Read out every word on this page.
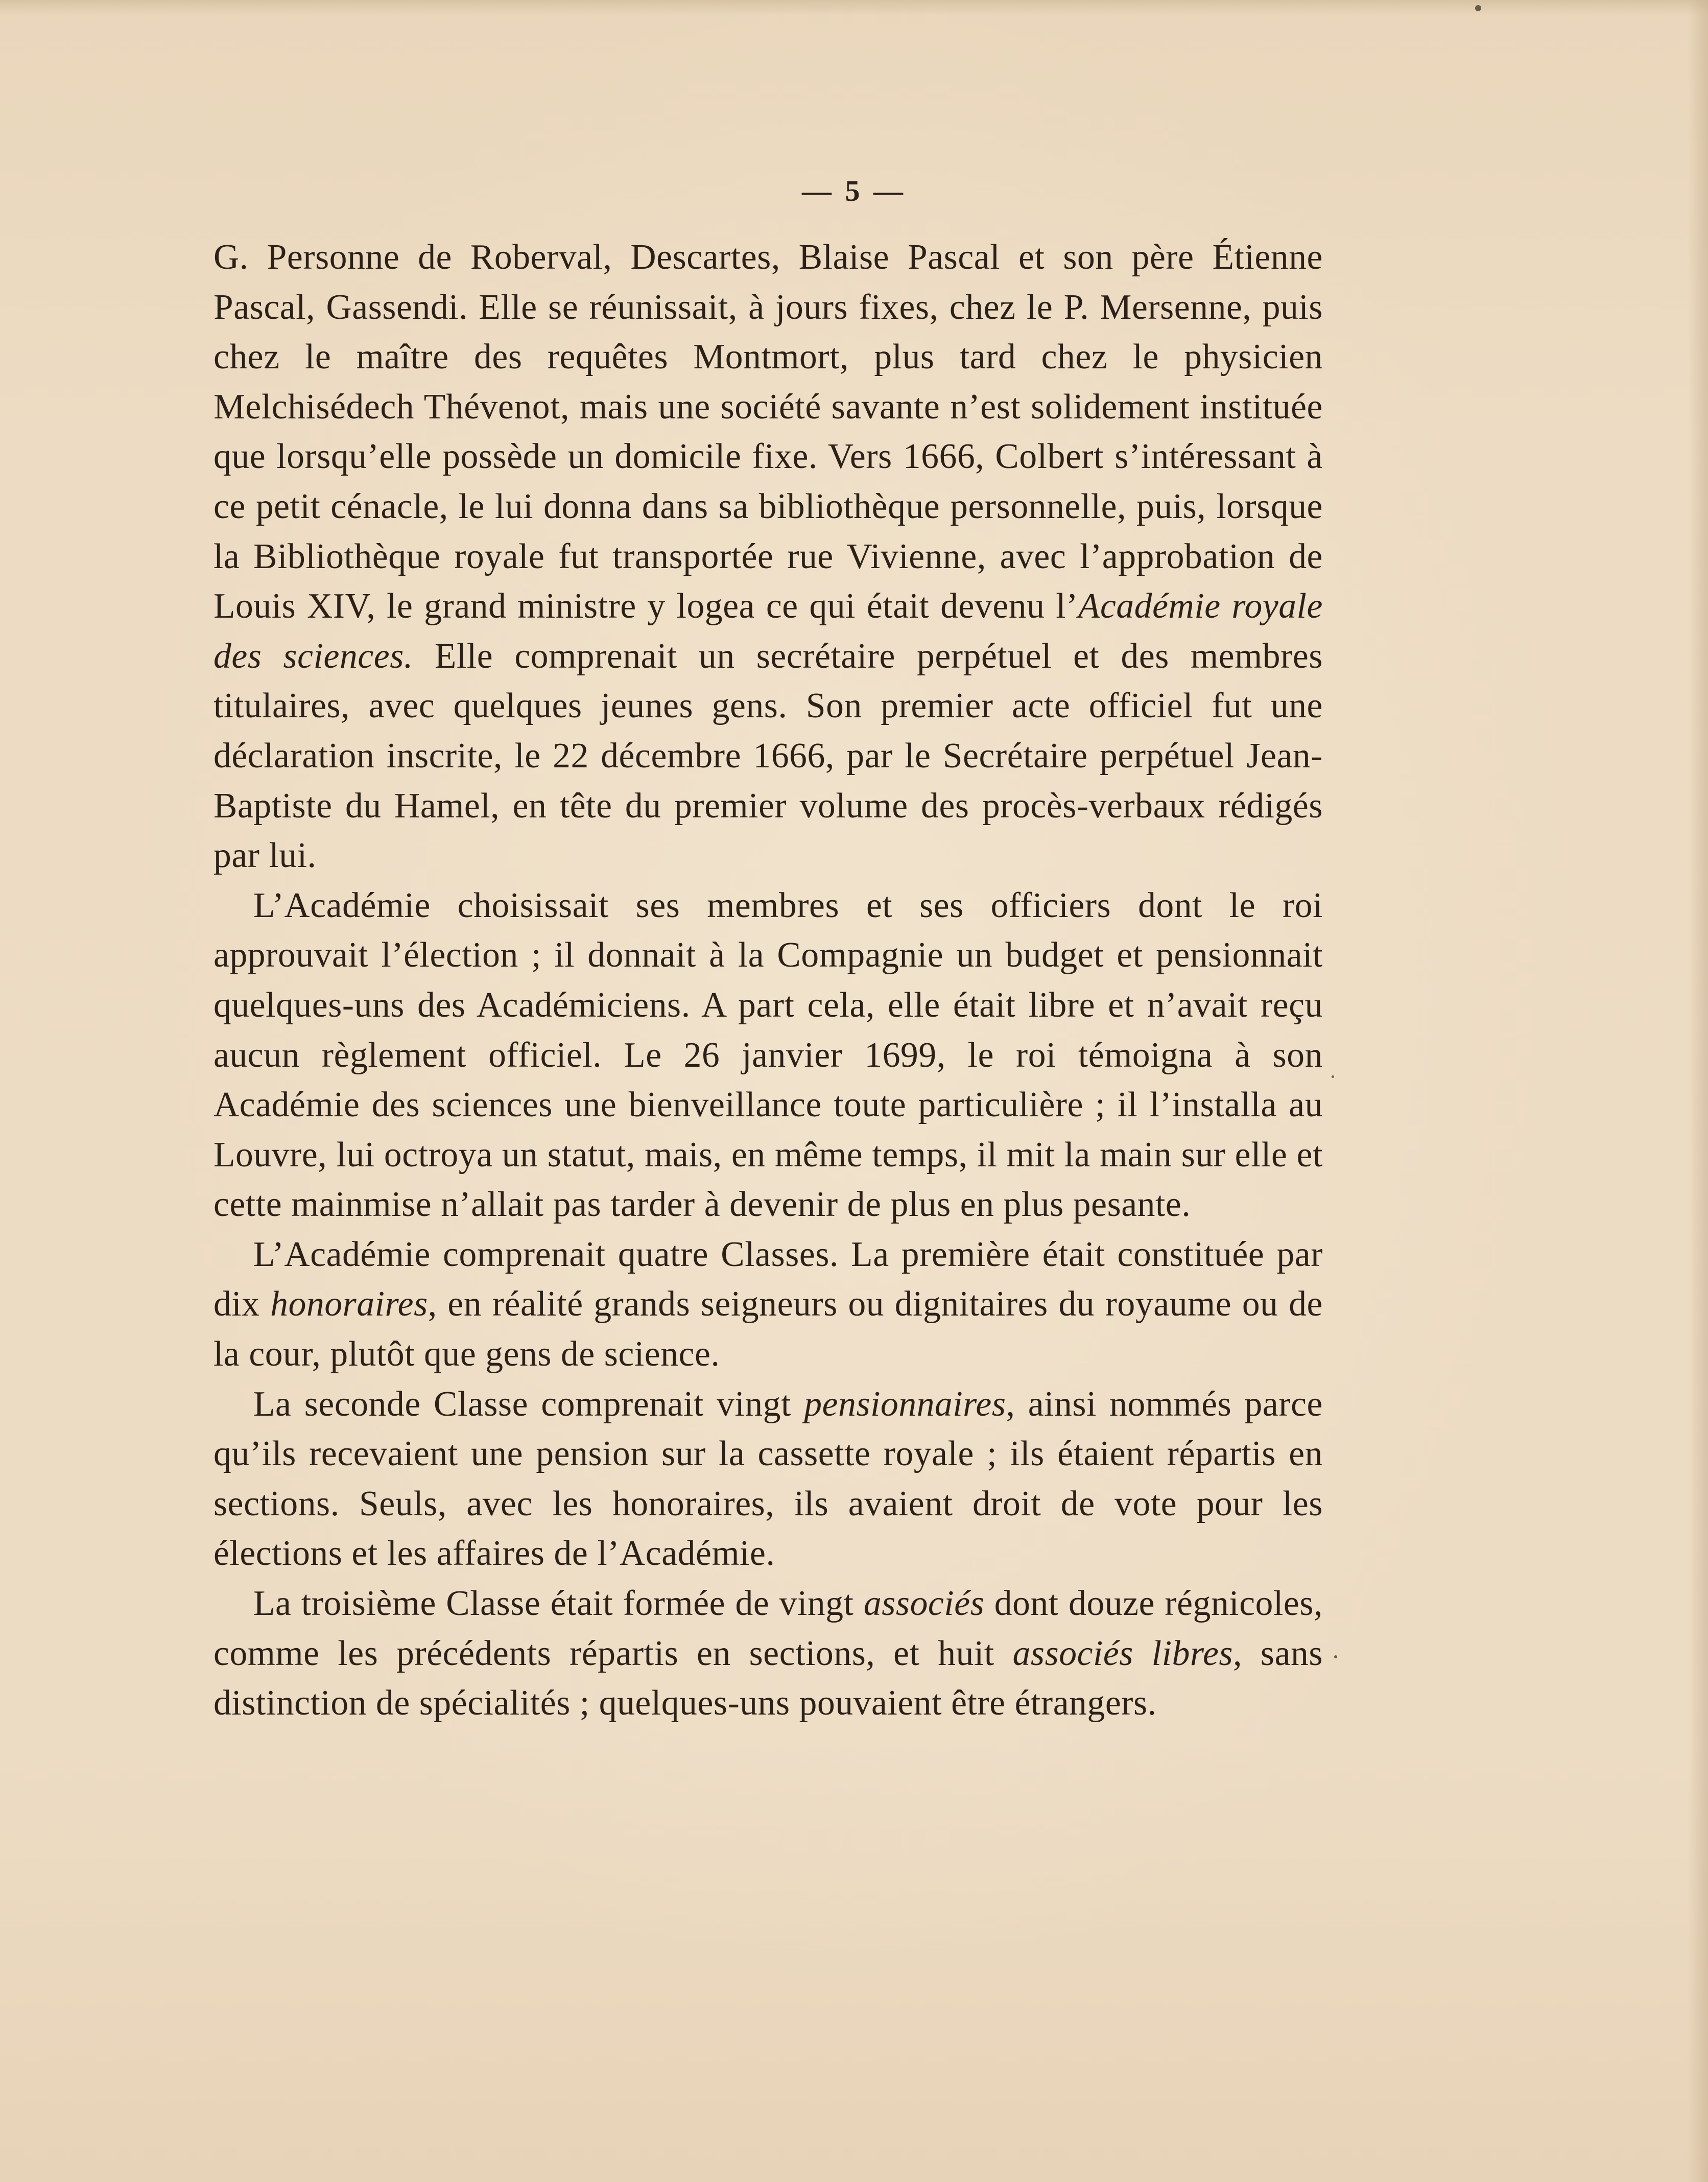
— 5 —

G. Personne de Roberval, Descartes, Blaise Pascal et son père Étienne Pascal, Gassendi. Elle se réunissait, à jours fixes, chez le P. Mersenne, puis chez le maître des requêtes Montmort, plus tard chez le physicien Melchisédech Thévenot, mais une société savante n’est solidement instituée que lorsqu’elle possède un domicile fixe. Vers 1666, Colbert s’intéressant à ce petit cénacle, le lui donna dans sa bibliothèque personnelle, puis, lorsque la Bibliothèque royale fut transportée rue Vivienne, avec l’approbation de Louis XIV, le grand ministre y logea ce qui était devenu l’Académie royale des sciences. Elle comprenait un secrétaire perpétuel et des membres titulaires, avec quelques jeunes gens. Son premier acte officiel fut une déclaration inscrite, le 22 décembre 1666, par le Secrétaire perpétuel Jean-Baptiste du Hamel, en tête du premier volume des procès-verbaux rédigés par lui.

L’Académie choisissait ses membres et ses officiers dont le roi approuvait l’élection ; il donnait à la Compagnie un budget et pensionnait quelques-uns des Académiciens. A part cela, elle était libre et n’avait reçu aucun règlement officiel. Le 26 janvier 1699, le roi témoigna à son Académie des sciences une bienveillance toute particulière ; il l’installa au Louvre, lui octroya un statut, mais, en même temps, il mit la main sur elle et cette mainmise n’allait pas tarder à devenir de plus en plus pesante.

L’Académie comprenait quatre Classes. La première était constituée par dix honoraires, en réalité grands seigneurs ou dignitaires du royaume ou de la cour, plutôt que gens de science.

La seconde Classe comprenait vingt pensionnaires, ainsi nommés parce qu’ils recevaient une pension sur la cassette royale ; ils étaient répartis en sections. Seuls, avec les honoraires, ils avaient droit de vote pour les élections et les affaires de l’Académie.

La troisième Classe était formée de vingt associés dont douze régnicoles, comme les précédents répartis en sections, et huit associés libres, sans distinction de spécialités ; quelques-uns pouvaient être étrangers.
